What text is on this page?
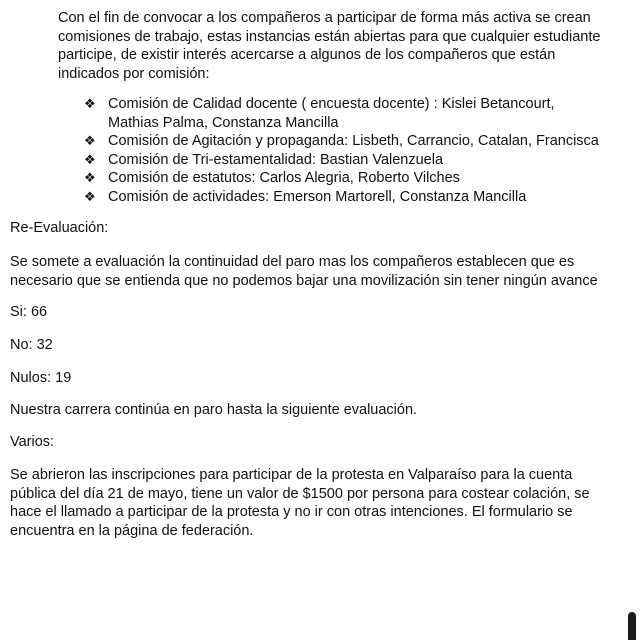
Con el fin de convocar a los compañeros a participar de forma más activa se crean comisiones de trabajo, estas instancias están abiertas para que cualquier estudiante participe, de existir interés acercarse a algunos de los compañeros que están indicados por comisión:

❖ Comisión de Calidad docente ( encuesta docente) : Kislei Betancourt, Mathias Palma, Constanza Mancilla
❖ Comisión de Agitación y propaganda: Lisbeth, Carrancio, Catalan, Francisca
❖ Comisión de Tri-estamentalidad: Bastian Valenzuela
❖ Comisión de estatutos: Carlos Alegria, Roberto Vilches
❖ Comisión de actividades: Emerson Martorell, Constanza Mancilla

Re-Evaluación:

Se somete a evaluación la continuidad del paro mas los compañeros establecen que es necesario que se entienda que no podemos bajar una movilización sin tener ningún avance

Si: 66

No: 32

Nulos: 19

Nuestra carrera continúa en paro hasta la siguiente evaluación.

Varios:

Se abrieron las inscripciones para participar de la protesta en Valparaíso para la cuenta pública del día 21 de mayo, tiene un valor de $1500 por persona para costear colación, se hace el llamado a participar de la protesta y no ir con otras intenciones. El formulario se encuentra en la página de federación.
